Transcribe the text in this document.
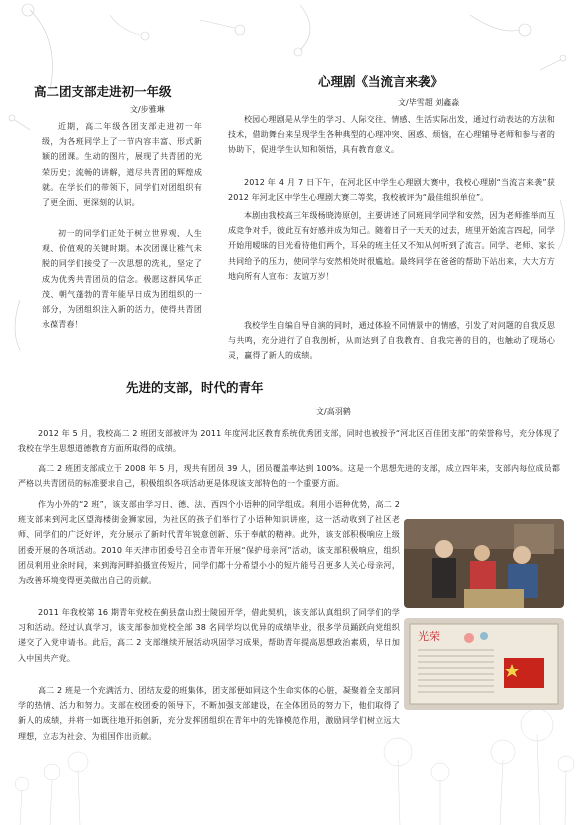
高二团支部走进初一年级
文/步雅琳

近期，高二年级各团支部走进初一年级，为各班同学上了一节内容丰富、形式新颖的团课。生动的图片，展现了共青团的光荣历史；流畅的讲解，道尽共青团的辉煌成就。在学长们的带领下，同学们对团组织有了更全面、更深刻的认识。

初一的同学们正处于树立世界观、人生观、价值观的关键时期。本次团课让稚气未脱的同学们接受了一次思想的洗礼，坚定了成为优秀共青团员的信念。极愿这群风华正茂、朝气蓬勃的青年能早日成为团组织的一部分，为团组织注入新的活力，使得共青团永葆青春！

心理剧《当流言来袭》
文/毕雪超 刘鑫淼

校园心理剧是从学生的学习、人际交往、情感、生活实际出发，通过行动表达的方法和技术，借助舞台来呈现学生各种典型的心理冲突、困惑、烦恼，在心理辅导老师和参与者的协助下，促进学生认知和领悟，具有教育意义。

2012 年 4 月 7 日下午，在河北区中学生心理剧大赛中，我校心理剧“当流言来袭”获 2012 年河北区中学生心理剧大赛二等奖，我校被评为“最佳组织单位”。

本剧由我校高三年级杨晓涛原创，主要讲述了同班同学同学和安然，因为老师推举而互成竞争对手，彼此互有好感并成为知己。随着日子一天天的过去，班里开始流言四起，同学开始用暧昧的目光看待他们两个，耳朵的班主任又不知从何听到了流言。同学、老师、家长共同给予的压力，使同学与安然相处时很尴尬。最终同学在爸爸的帮助下站出来，大大方方地向所有人宣布：友谊万岁！

我校学生自编自导自演的同时，通过体验不同情景中的情感，引发了对问题的自我反思与共鸣，充分进行了自我剖析，从而达到了自我教育、自我完善的目的，也触动了现场心灵，赢得了新人的成绩。

先进的支部，时代的青年
文/高羽鹤

2012 年 5 月，我校高二 2 班团支部被评为 2011 年度河北区教育系统优秀团支部，同时也被授予“河北区百佳团支部”的荣誉称号，充分体现了我校在学生思想道德教育方面所取得的成绩。

高二 2 班团支部成立于 2008 年 5 月，现共有团员 39 人，团员覆盖率达到 100%。这是一个思想先进的支部，成立四年来，支部内每位成员都严格以共青团员的标准要求自己，积极组织各项活动更是体现该支部特色的一个重要方面。

作为小外的“2 班”，该支部由学习日、德、法、西四个小语种的同学组成。利用小语种优势，高二 2 班支部来到河北区望海楼街金狮家园，为社区的孩子们举行了小语种知识讲座，这一活动收到了社区老师、同学们的广泛好评，充分展示了新时代青年锐意创新、乐于奉献的精神。此外，该支部积极响应上级团委开展的各项活动。2010 年天津市团委号召全市青年开展“保护母亲河”活动，该支部积极响应，组织团员利用业余时间，来到海河畔拍摄宣传短片，同学们都十分希望小小的短片能号召更多人关心母亲河，为改善环境变得更美做出自己的贡献。

2011 年我校第 16 期青年党校在蓟县盘山烈士陵园开学，借此契机，该支部认真组织了同学们的学习和活动。经过认真学习，该支部参加党校全部 38 名同学均以优异的成绩毕业，很多学员踊跃向党组织递交了入党申请书。此后，高二 2 支部继续开展活动巩固学习成果，帮助青年提高思想政治素质，早日加入中国共产党。

高二 2 班是一个充满活力、团结友爱的班集体，团支部便如同这个生命实体的心脏，凝聚着全支部同学的热情、活力和努力。支部在校团委的领导下，不断加强支部建设，在全体团员的努力下，他们取得了新人的成绩，并将一如既往地开拓创新，充分发挥团组织在青年中的先锋模范作用，激励同学们树立远大理想，立志为社会、为祖国作出贡献。

光荣
